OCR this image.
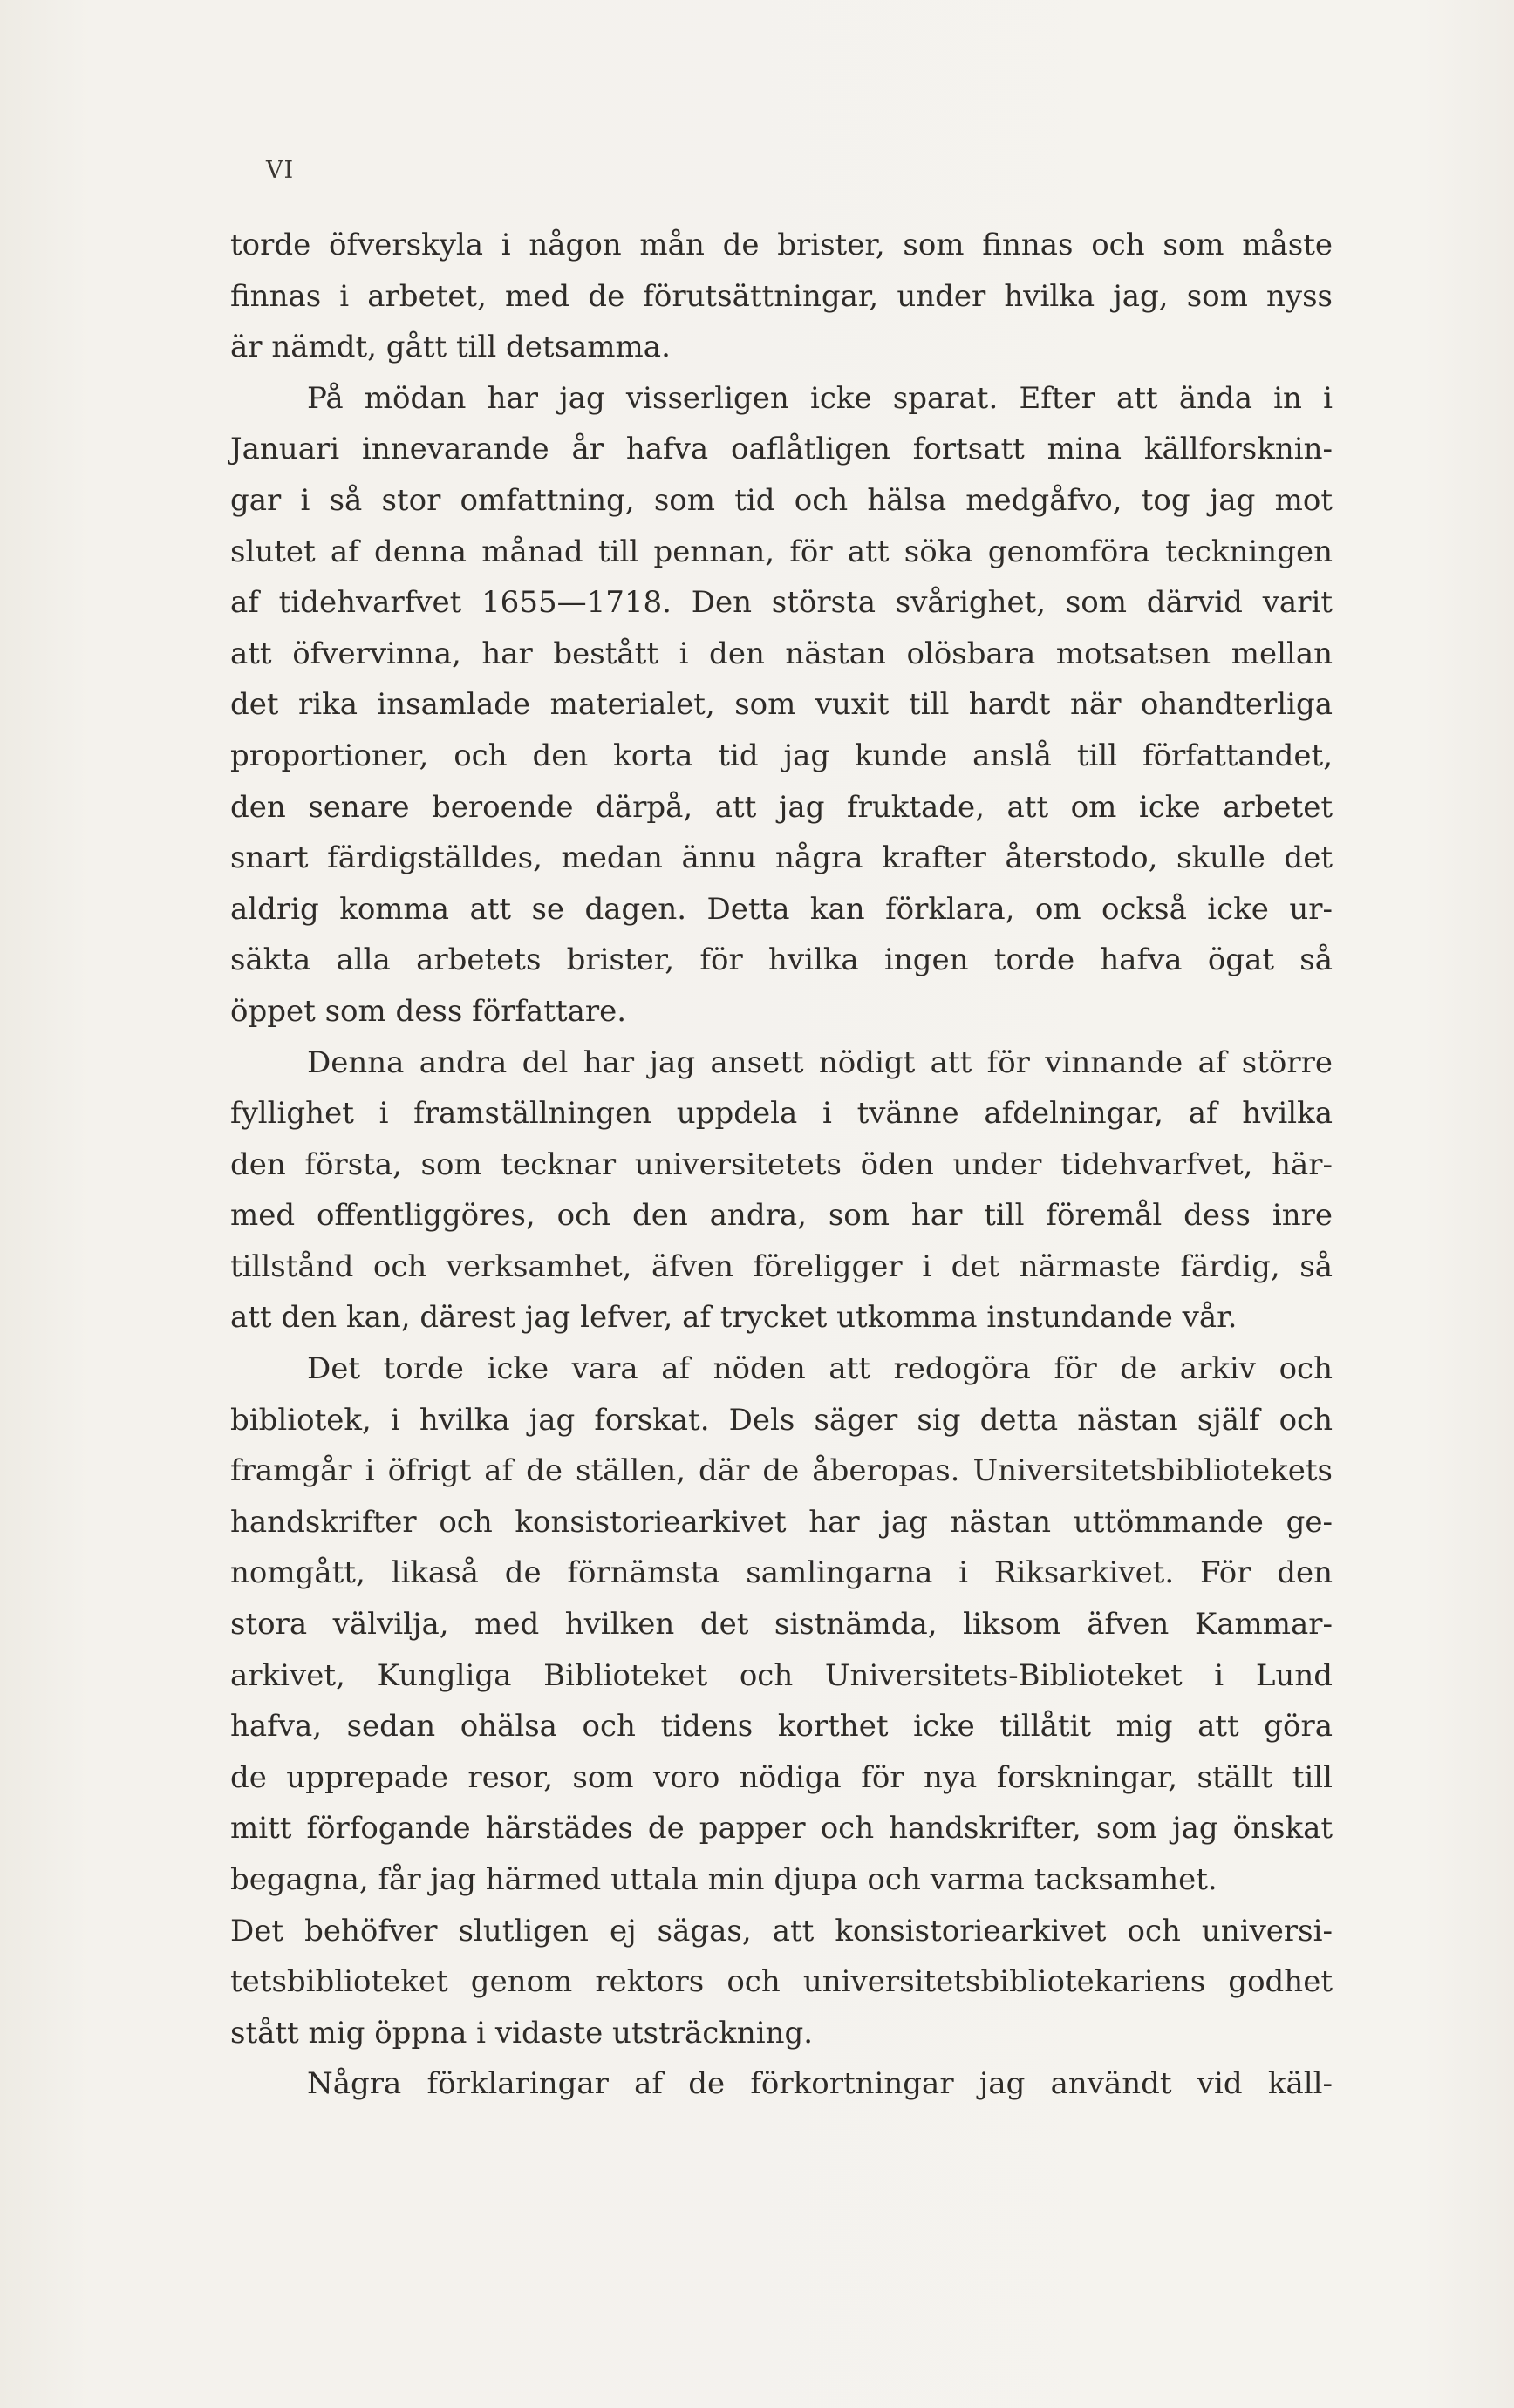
VI
torde öfverskyla i någon mån de brister, som finnas och som måste
finnas i arbetet, med de förutsättningar, under hvilka jag, som nyss
är nämdt, gått till detsamma.
På mödan har jag visserligen icke sparat. Efter att ända in i
Januari innevarande år hafva oaflåtligen fortsatt mina källforsknin-
gar i så stor omfattning, som tid och hälsa medgåfvo, tog jag mot
slutet af denna månad till pennan, för att söka genomföra teckningen
af tidehvarfvet 1655—1718. Den största svårighet, som därvid varit
att öfvervinna, har bestått i den nästan olösbara motsatsen mellan
det rika insamlade materialet, som vuxit till hardt när ohandterliga
proportioner, och den korta tid jag kunde anslå till författandet,
den senare beroende därpå, att jag fruktade, att om icke arbetet
snart färdigställdes, medan ännu några krafter återstodo, skulle det
aldrig komma att se dagen. Detta kan förklara, om också icke ur-
säkta alla arbetets brister, för hvilka ingen torde hafva ögat så
öppet som dess författare.
Denna andra del har jag ansett nödigt att för vinnande af större
fyllighet i framställningen uppdela i tvänne afdelningar, af hvilka
den första, som tecknar universitetets öden under tidehvarfvet, här-
med offentliggöres, och den andra, som har till föremål dess inre
tillstånd och verksamhet, äfven föreligger i det närmaste färdig, så
att den kan, därest jag lefver, af trycket utkomma instundande vår.
Det torde icke vara af nöden att redogöra för de arkiv och
bibliotek, i hvilka jag forskat. Dels säger sig detta nästan själf och
framgår i öfrigt af de ställen, där de åberopas. Universitetsbibliotekets
handskrifter och konsistoriearkivet har jag nästan uttömmande ge-
nomgått, likaså de förnämsta samlingarna i Riksarkivet. För den
stora välvilja, med hvilken det sistnämda, liksom äfven Kammar-
arkivet, Kungliga Biblioteket och Universitets-Biblioteket i Lund
hafva, sedan ohälsa och tidens korthet icke tillåtit mig att göra
de upprepade resor, som voro nödiga för nya forskningar, ställt till
mitt förfogande härstädes de papper och handskrifter, som jag önskat
begagna, får jag härmed uttala min djupa och varma tacksamhet.
Det behöfver slutligen ej sägas, att konsistoriearkivet och universi-
tetsbiblioteket genom rektors och universitetsbibliotekariens godhet
stått mig öppna i vidaste utsträckning.
Några förklaringar af de förkortningar jag användt vid käll-
